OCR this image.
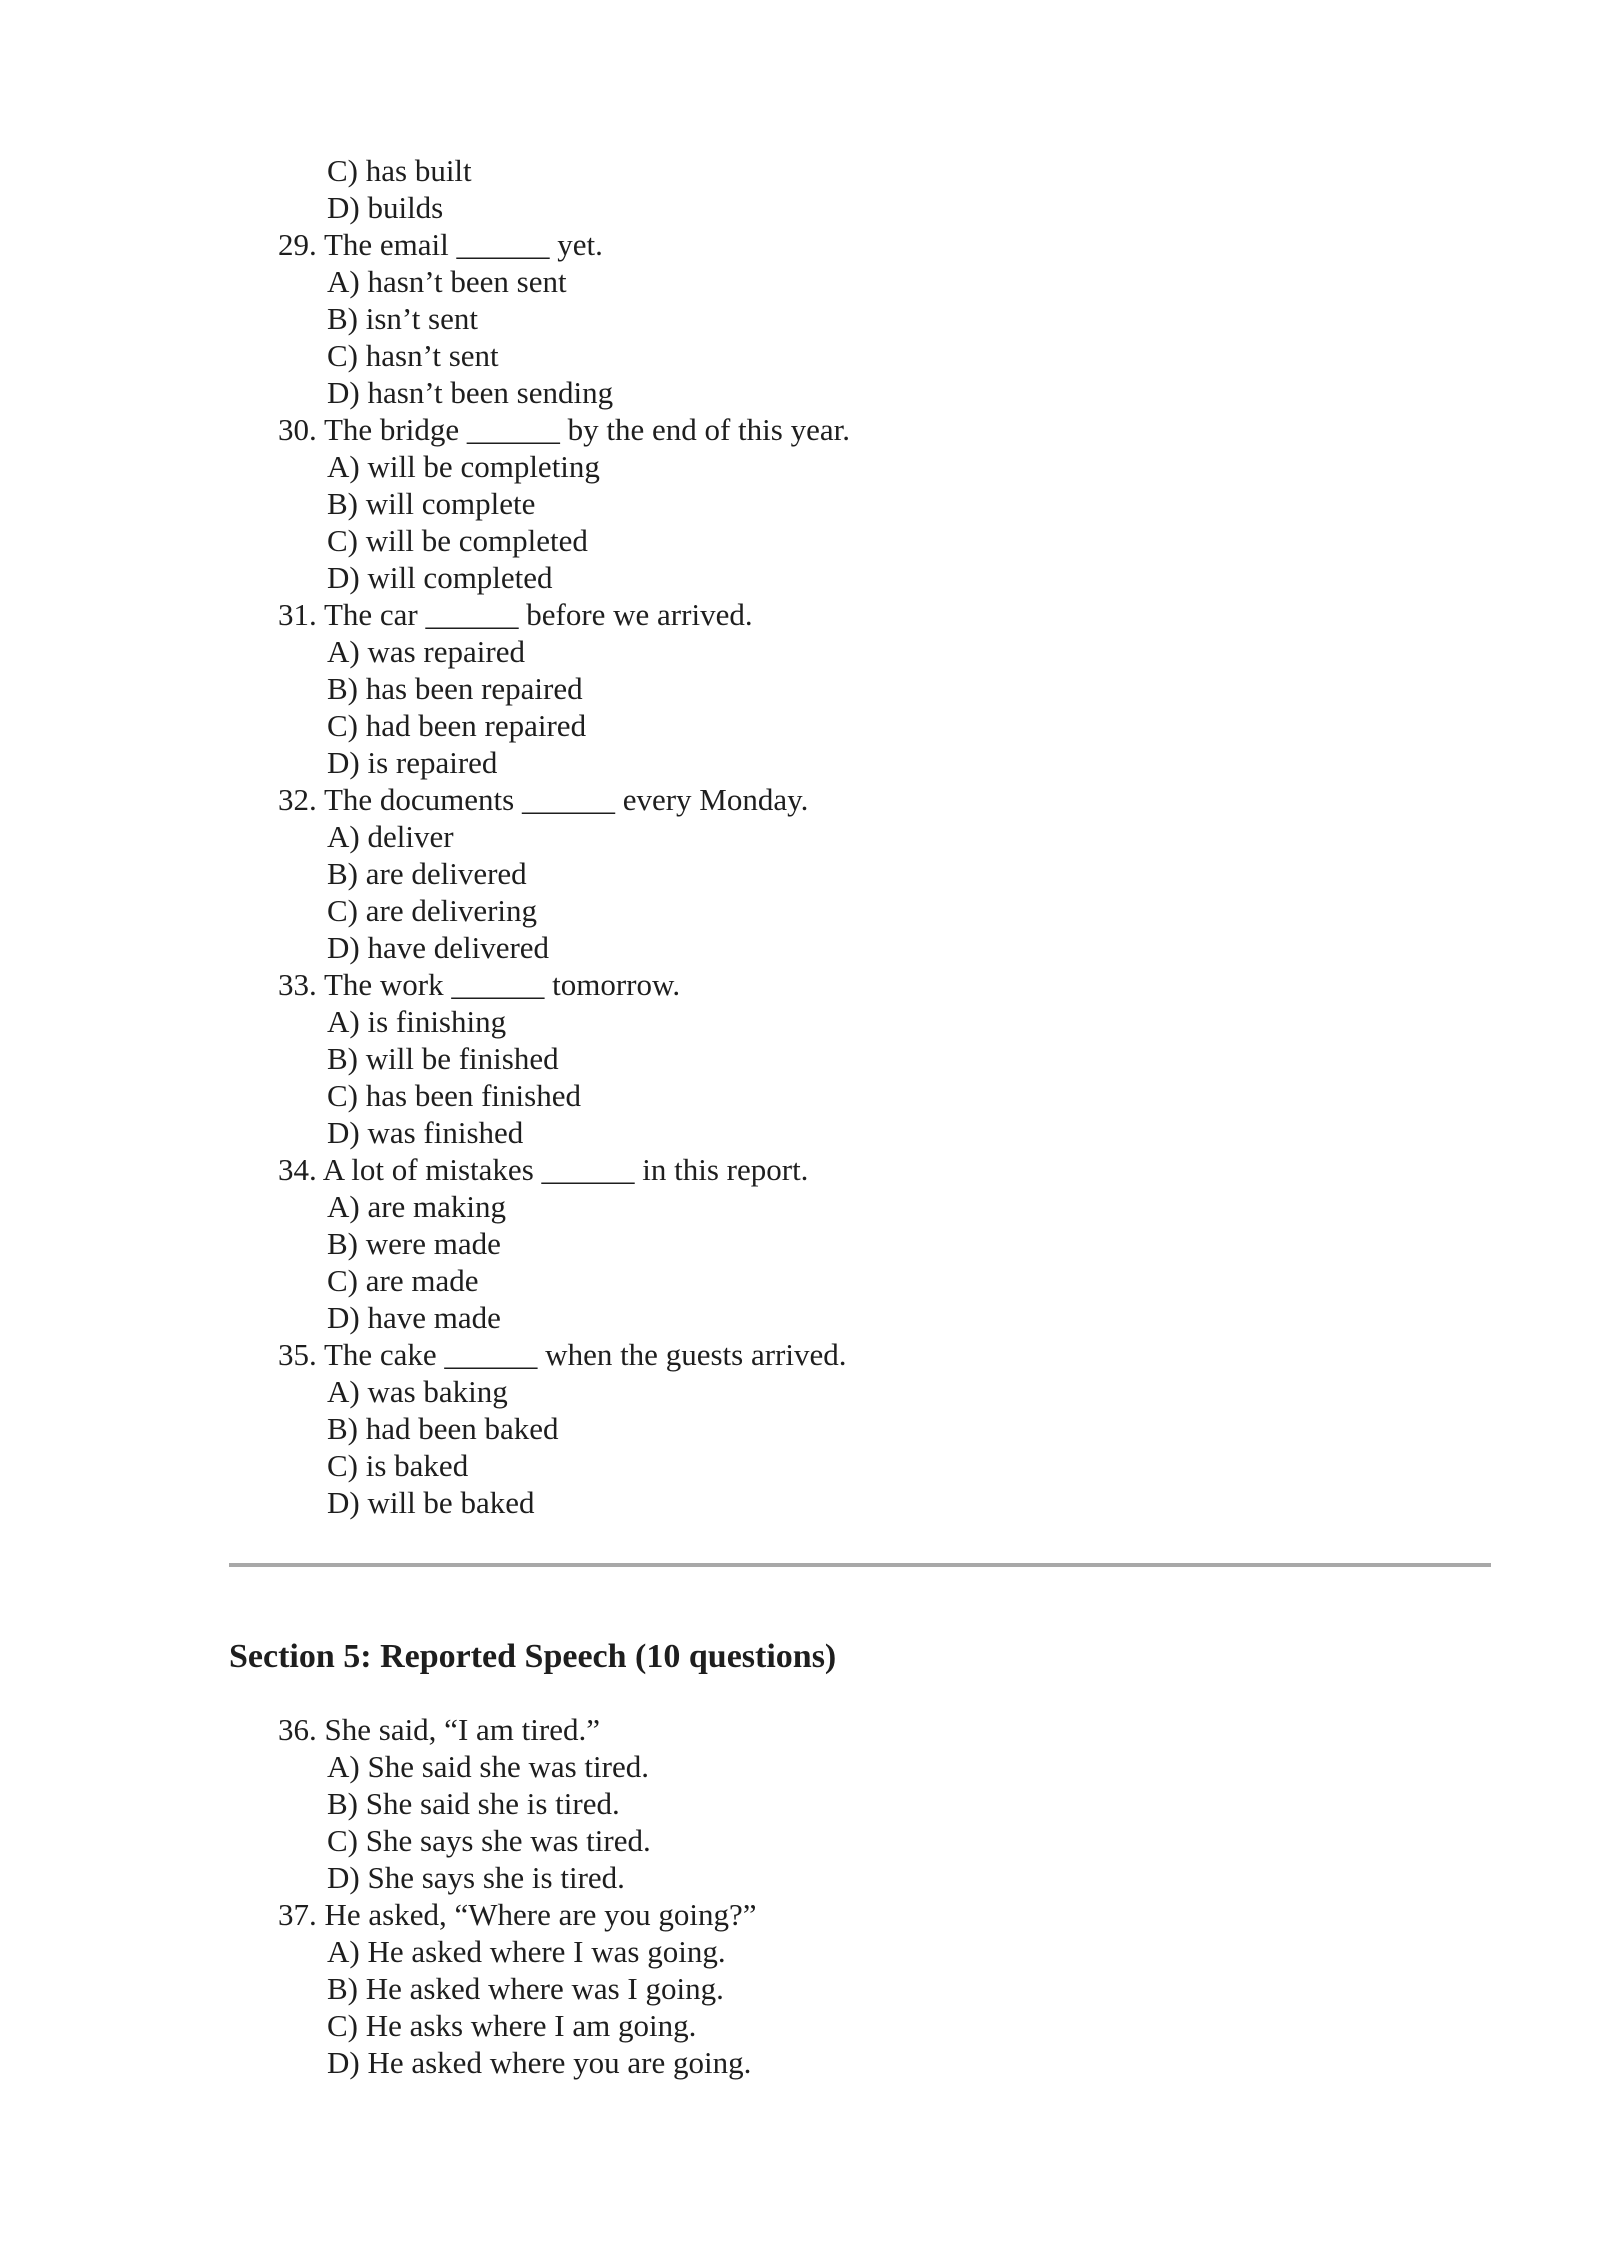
C) has built
D) builds
29. The email ______ yet.
A) hasn’t been sent
B) isn’t sent
C) hasn’t sent
D) hasn’t been sending
30. The bridge ______ by the end of this year.
A) will be completing
B) will complete
C) will be completed
D) will completed
31. The car ______ before we arrived.
A) was repaired
B) has been repaired
C) had been repaired
D) is repaired
32. The documents ______ every Monday.
A) deliver
B) are delivered
C) are delivering
D) have delivered
33. The work ______ tomorrow.
A) is finishing
B) will be finished
C) has been finished
D) was finished
34. A lot of mistakes ______ in this report.
A) are making
B) were made
C) are made
D) have made
35. The cake ______ when the guests arrived.
A) was baking
B) had been baked
C) is baked
D) will be baked
Section 5: Reported Speech (10 questions)
36. She said, “I am tired.”
A) She said she was tired.
B) She said she is tired.
C) She says she was tired.
D) She says she is tired.
37. He asked, “Where are you going?”
A) He asked where I was going.
B) He asked where was I going.
C) He asks where I am going.
D) He asked where you are going.
